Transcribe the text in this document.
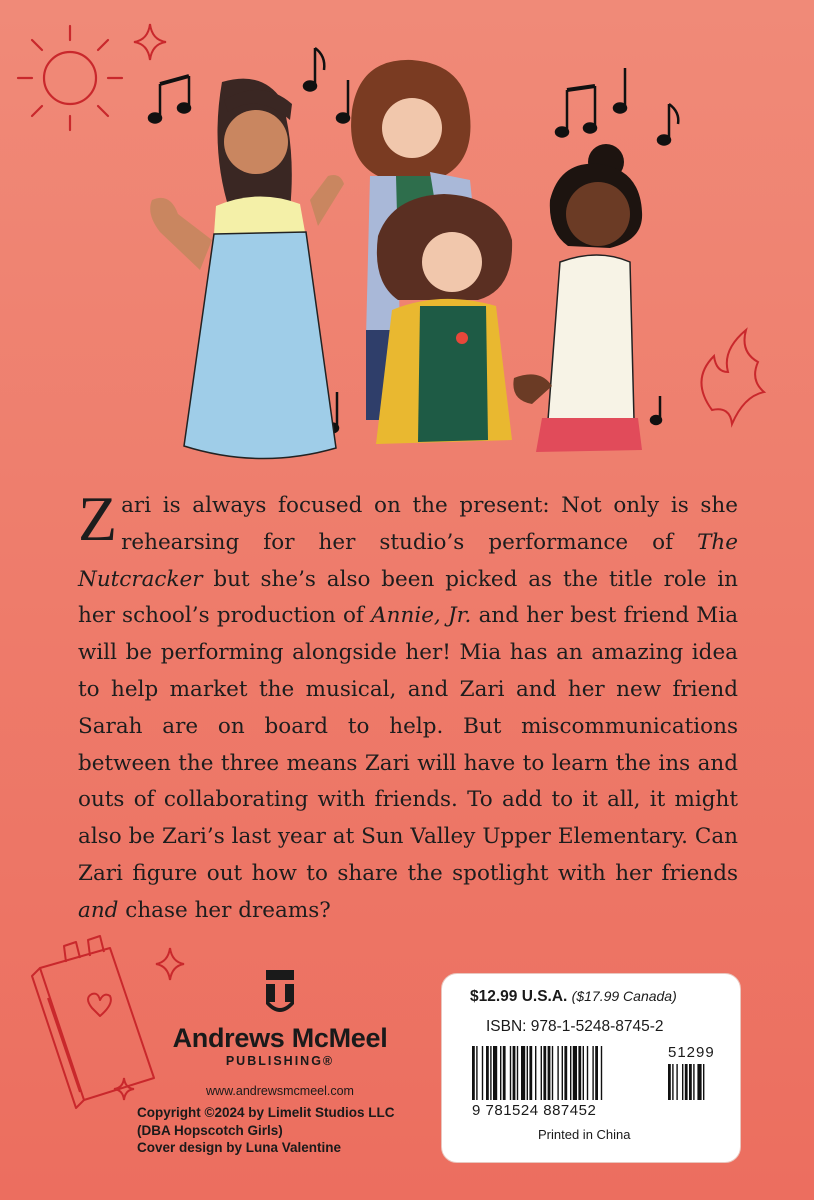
Zari is always focused on the present: Not only is she rehearsing for her studio’s performance of The Nutcracker but she’s also been picked as the title role in her school’s production of Annie, Jr. and her best friend Mia will be performing alongside her! Mia has an amazing idea to help market the musical, and Zari and her new friend Sarah are on board to help. But miscommunications between the three means Zari will have to learn the ins and outs of collaborating with friends. To add to it all, it might also be Zari’s last year at Sun Valley Upper Elementary. Can Zari figure out how to share the spotlight with her friends and chase her dreams?

Andrews McMeel
PUBLISHING®
www.andrewsmcmeel.com
Copyright ©2024 by Limelit Studios LLC
(DBA Hopscotch Girls)
Cover design by Luna Valentine
$12.99 U.S.A. ($17.99 Canada)
ISBN: 978-1-5248-8745-2
51299
9 781524 887452
Printed in China
